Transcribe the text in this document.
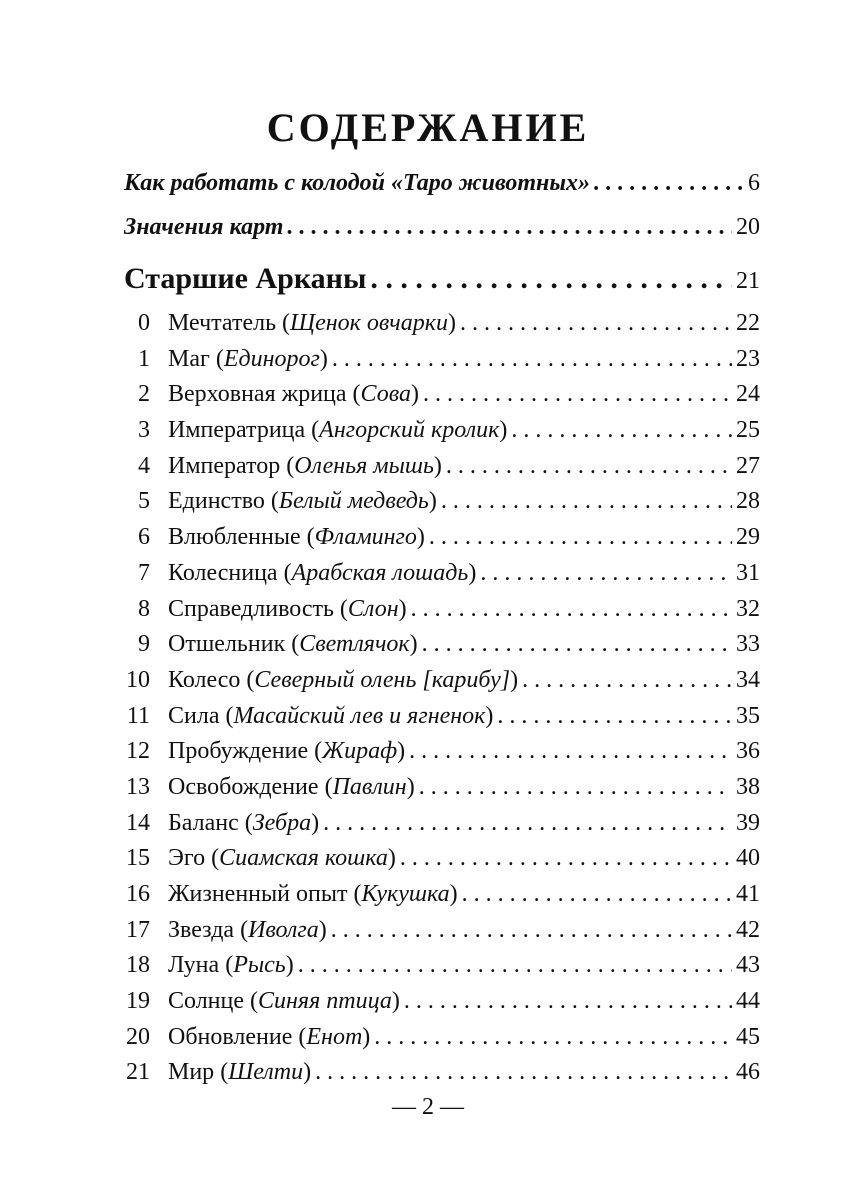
СОДЕРЖАНИЕ
Как работать с колодой «Таро животных» . . .	6
Значения карт . . .	20
Старшие Арканы . . .	21
0 Мечтатель (Щенок овчарки) . . .	22
1 Маг (Единорог) . . .	23
2 Верховная жрица (Сова) . . .	24
3 Императрица (Ангорский кролик) . . .	25
4 Император (Оленья мышь) . . .	27
5 Единство (Белый медведь) . . .	28
6 Влюбленные (Фламинго) . . .	29
7 Колесница (Арабская лошадь) . . .	31
8 Справедливость (Слон) . . .	32
9 Отшельник (Светлячок) . . .	33
10 Колесо (Северный олень [карибу]) . . .	34
11 Сила (Масайский лев и ягненок) . . .	35
12 Пробуждение (Жираф) . . .	36
13 Освобождение (Павлин) . . .	38
14 Баланс (Зебра) . . .	39
15 Эго (Сиамская кошка) . . .	40
16 Жизненный опыт (Кукушка) . . .	41
17 Звезда (Иволга) . . .	42
18 Луна (Рысь) . . .	43
19 Солнце (Синяя птица) . . .	44
20 Обновление (Енот) . . .	45
21 Мир (Шелти) . . .	46
— 2 —
